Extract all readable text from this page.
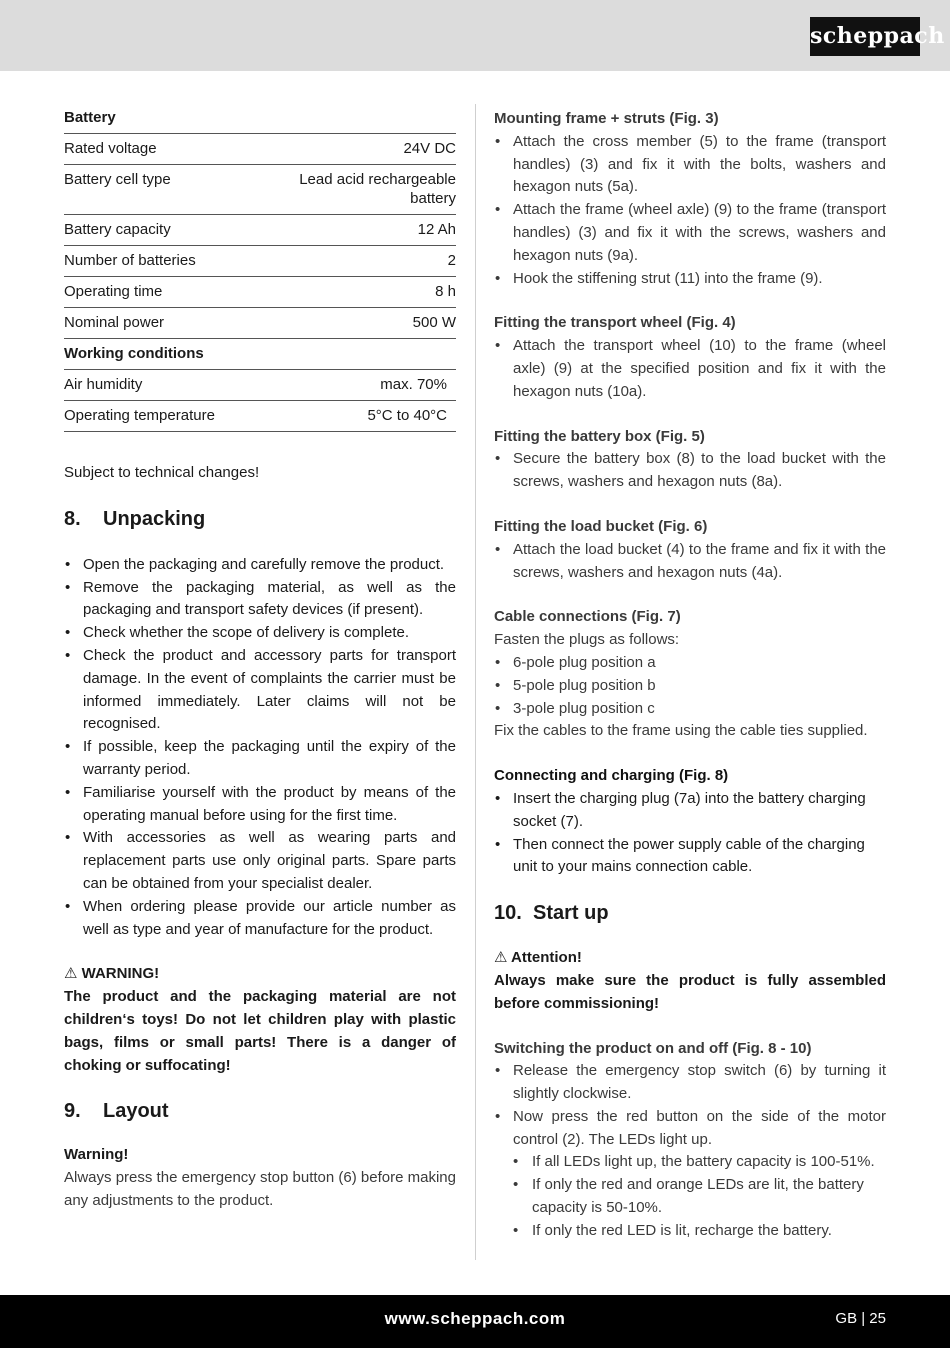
scheppach
Battery
Rated voltage	24V DC
Battery cell type	Lead acid rechargeable battery
Battery capacity	12 Ah
Number of batteries	2
Operating time	8 h
Nominal power	500 W
Working conditions
Air humidity	max. 70%
Operating temperature	5°C to 40°C
Subject to technical changes!
8. Unpacking
• Open the packaging and carefully remove the product.
• Remove the packaging material, as well as the packaging and transport safety devices (if present).
• Check whether the scope of delivery is complete.
• Check the product and accessory parts for transport damage. In the event of complaints the carrier must be informed immediately. Later claims will not be recognised.
• If possible, keep the packaging until the expiry of the warranty period.
• Familiarise yourself with the product by means of the operating manual before using for the first time.
• With accessories as well as wearing parts and replacement parts use only original parts. Spare parts can be obtained from your specialist dealer.
• When ordering please provide our article number as well as type and year of manufacture for the product.
⚠ WARNING!
The product and the packaging material are not children‘s toys! Do not let children play with plastic bags, films or small parts! There is a danger of choking or suffocating!
9. Layout
Warning!
Always press the emergency stop button (6) before making any adjustments to the product.
Mounting frame + struts (Fig. 3)
• Attach the cross member (5) to the frame (transport handles) (3) and fix it with the bolts, washers and hexagon nuts (5a).
• Attach the frame (wheel axle) (9) to the frame (transport handles) (3) and fix it with the screws, washers and hexagon nuts (9a).
• Hook the stiffening strut (11) into the frame (9).
Fitting the transport wheel (Fig. 4)
• Attach the transport wheel (10) to the frame (wheel axle) (9) at the specified position and fix it with the hexagon nuts (10a).
Fitting the battery box (Fig. 5)
• Secure the battery box (8) to the load bucket with the screws, washers and hexagon nuts (8a).
Fitting the load bucket (Fig. 6)
• Attach the load bucket (4) to the frame and fix it with the screws, washers and hexagon nuts (4a).
Cable connections (Fig. 7)
Fasten the plugs as follows:
• 6-pole plug position a
• 5-pole plug position b
• 3-pole plug position c
Fix the cables to the frame using the cable ties supplied.
Connecting and charging (Fig. 8)
• Insert the charging plug (7a) into the battery charging socket (7).
• Then connect the power supply cable of the charging unit to your mains connection cable.
10. Start up
⚠ Attention!
Always make sure the product is fully assembled before commissioning!
Switching the product on and off (Fig. 8 - 10)
• Release the emergency stop switch (6) by turning it slightly clockwise.
• Now press the red button on the side of the motor control (2). The LEDs light up.
• If all LEDs light up, the battery capacity is 100-51%.
• If only the red and orange LEDs are lit, the battery capacity is 50-10%.
• If only the red LED is lit, recharge the battery.
www.scheppach.com	GB | 25
